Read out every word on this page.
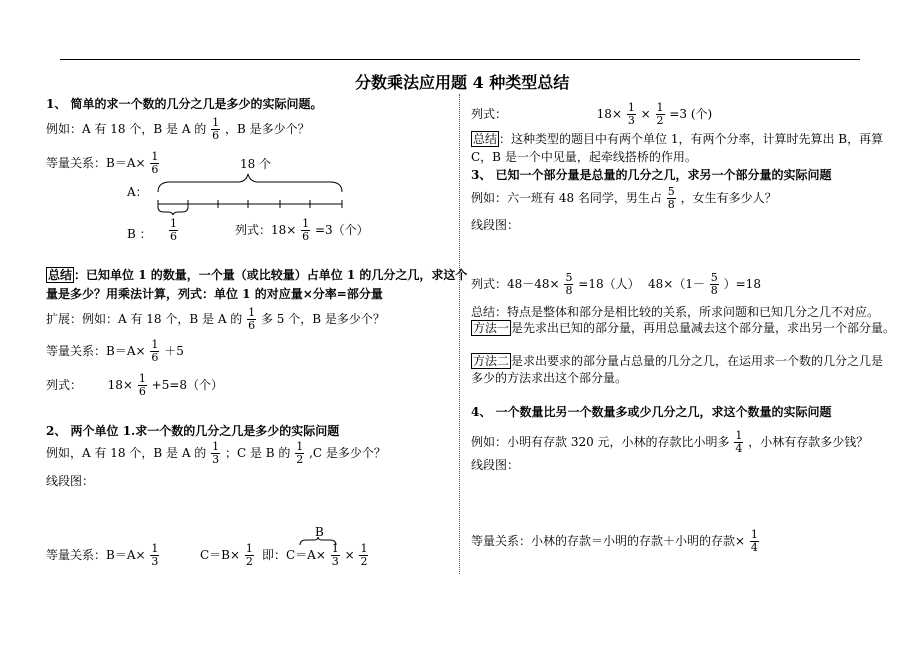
分数乘法应用题 4 种类型总结
1、 简单的求一个数的几分之几是多少的实际问题。
例如：A 有 18 个，B 是 A 的 $\frac{1}{6}$ ，B 是多少个？
等量关系：$B=A\times \frac{1}{6}$	18 个
A：
B ： $\frac{1}{6}$	列式：$18\times \frac{1}{6} =3$（个）
总结 ：已知单位 1 的数量，一个量（或比较量）占单位 1 的几分之几，求这个
量是多少？用乘法计算，列式：单位 1 的对应量×分率=部分量
扩展：例如：A 有 18 个，B 是 A 的 $\frac{1}{6}$ 多 5 个，B 是多少个？
等量关系：$B=A\times \frac{1}{6} +5$
列式： $18\times \frac{1}{6} +5=8$（个）
2、 两个单位 1.求一个数的几分之几是多少的实际问题
例如，A 有 18 个，B 是 A 的 $\frac{1}{3}$ ；C 是 B 的 $\frac{1}{2} ,C$ 是多少个？
线段图：
等量关系：$B=A\times \frac{1}{3}$	$C=B\times \frac{1}{2}$
B
即：$C=A\times \frac{1}{3} \times \frac{1}{2}$
列式：	$18\times \frac{1}{3} \times \frac{1}{2} =3$ (个)
总结 ：这种类型的题目中有两个单位 1，有两个分率，计算时先算出 B，再算
C，B 是一个中见量，起牵线搭桥的作用。
3、 已知一个部分量是总量的几分之几，求另一个部分量的实际问题
例如：六一班有 48 名同学，男生占 $\frac{5}{8}$ ，女生有多少人？
线段图：
列式：$48-48\times \frac{5}{8} =18$（人） $48\times(1- \frac{5}{8} )=18$
总结：特点是整体和部分是相比较的关系，所求问题和已知几分之几不对应。
方法一 是先求出已知的部分量，再用总量减去这个部分量，求出另一个部分量。
方法二 是求出要求的部分量占总量的几分之几，在运用求一个数的几分之几是
多少的方法求出这个部分量。
4、 一个数量比另一个数量多或少几分之几，求这个数量的实际问题
例如：小明有存款 320 元，小林的存款比小明多 $\frac{1}{4}$ ，小林有存款多少钱？
线段图：
等量关系：小林的存款＝小明的存款＋小明的存款× $\frac{1}{4}$
